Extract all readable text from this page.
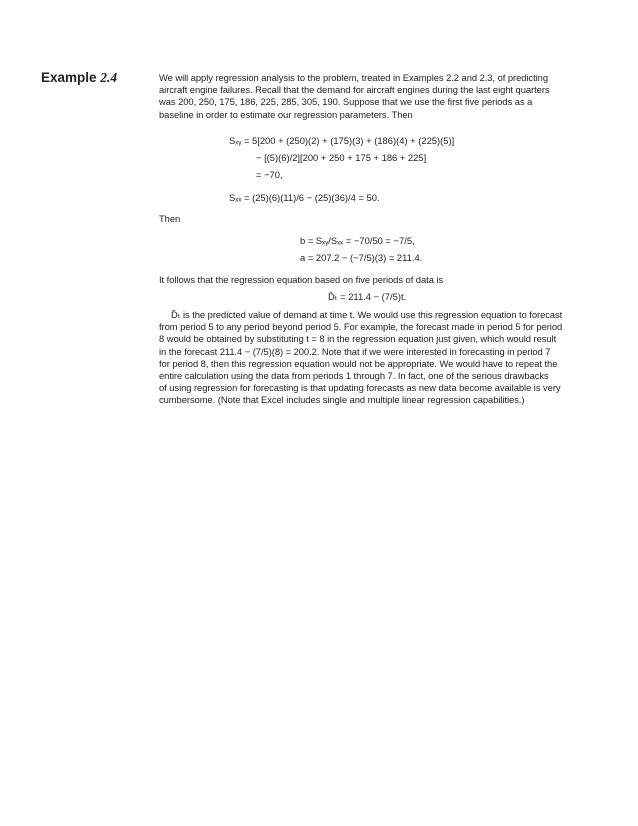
Example 2.4	We will apply regression analysis to the problem, treated in Examples 2.2 and 2.3, of predicting
aircraft engine failures. Recall that the demand for aircraft engines during the last eight quarters
was 200, 250, 175, 186, 225, 285, 305, 190. Suppose that we use the first five periods as a
baseline in order to estimate our regression parameters. Then

Sₓᵧ = 5[200 + (250)(2) + (175)(3) + (186)(4) + (225)(5)]

− [(5)(6)/2][200 + 250 + 175 + 186 + 225]

= −70,

Sₓₓ = (25)(6)(11)/6 − (25)(36)/4 = 50.

Then

b = Sₓᵧ/Sₓₓ = −70/50 = −7/5,

a = 207.2 − (−7/5)(3) = 211.4.

It follows that the regression equation based on five periods of data is

D̂ₜ = 211.4 − (7/5)t.

D̂ₜ is the predicted value of demand at time t. We would use this regression equation to forecast
from period 5 to any period beyond period 5. For example, the forecast made in period 5 for period
8 would be obtained by substituting t = 8 in the regression equation just given, which would result
in the forecast 211.4 − (7/5)(8) = 200.2. Note that if we were interested in forecasting in period 7
for period 8, then this regression equation would not be appropriate. We would have to repeat the
entire calculation using the data from periods 1 through 7. In fact, one of the serious drawbacks
of using regression for forecasting is that updating forecasts as new data become available is very
cumbersome. (Note that Excel includes single and multiple linear regression capabilities.)
